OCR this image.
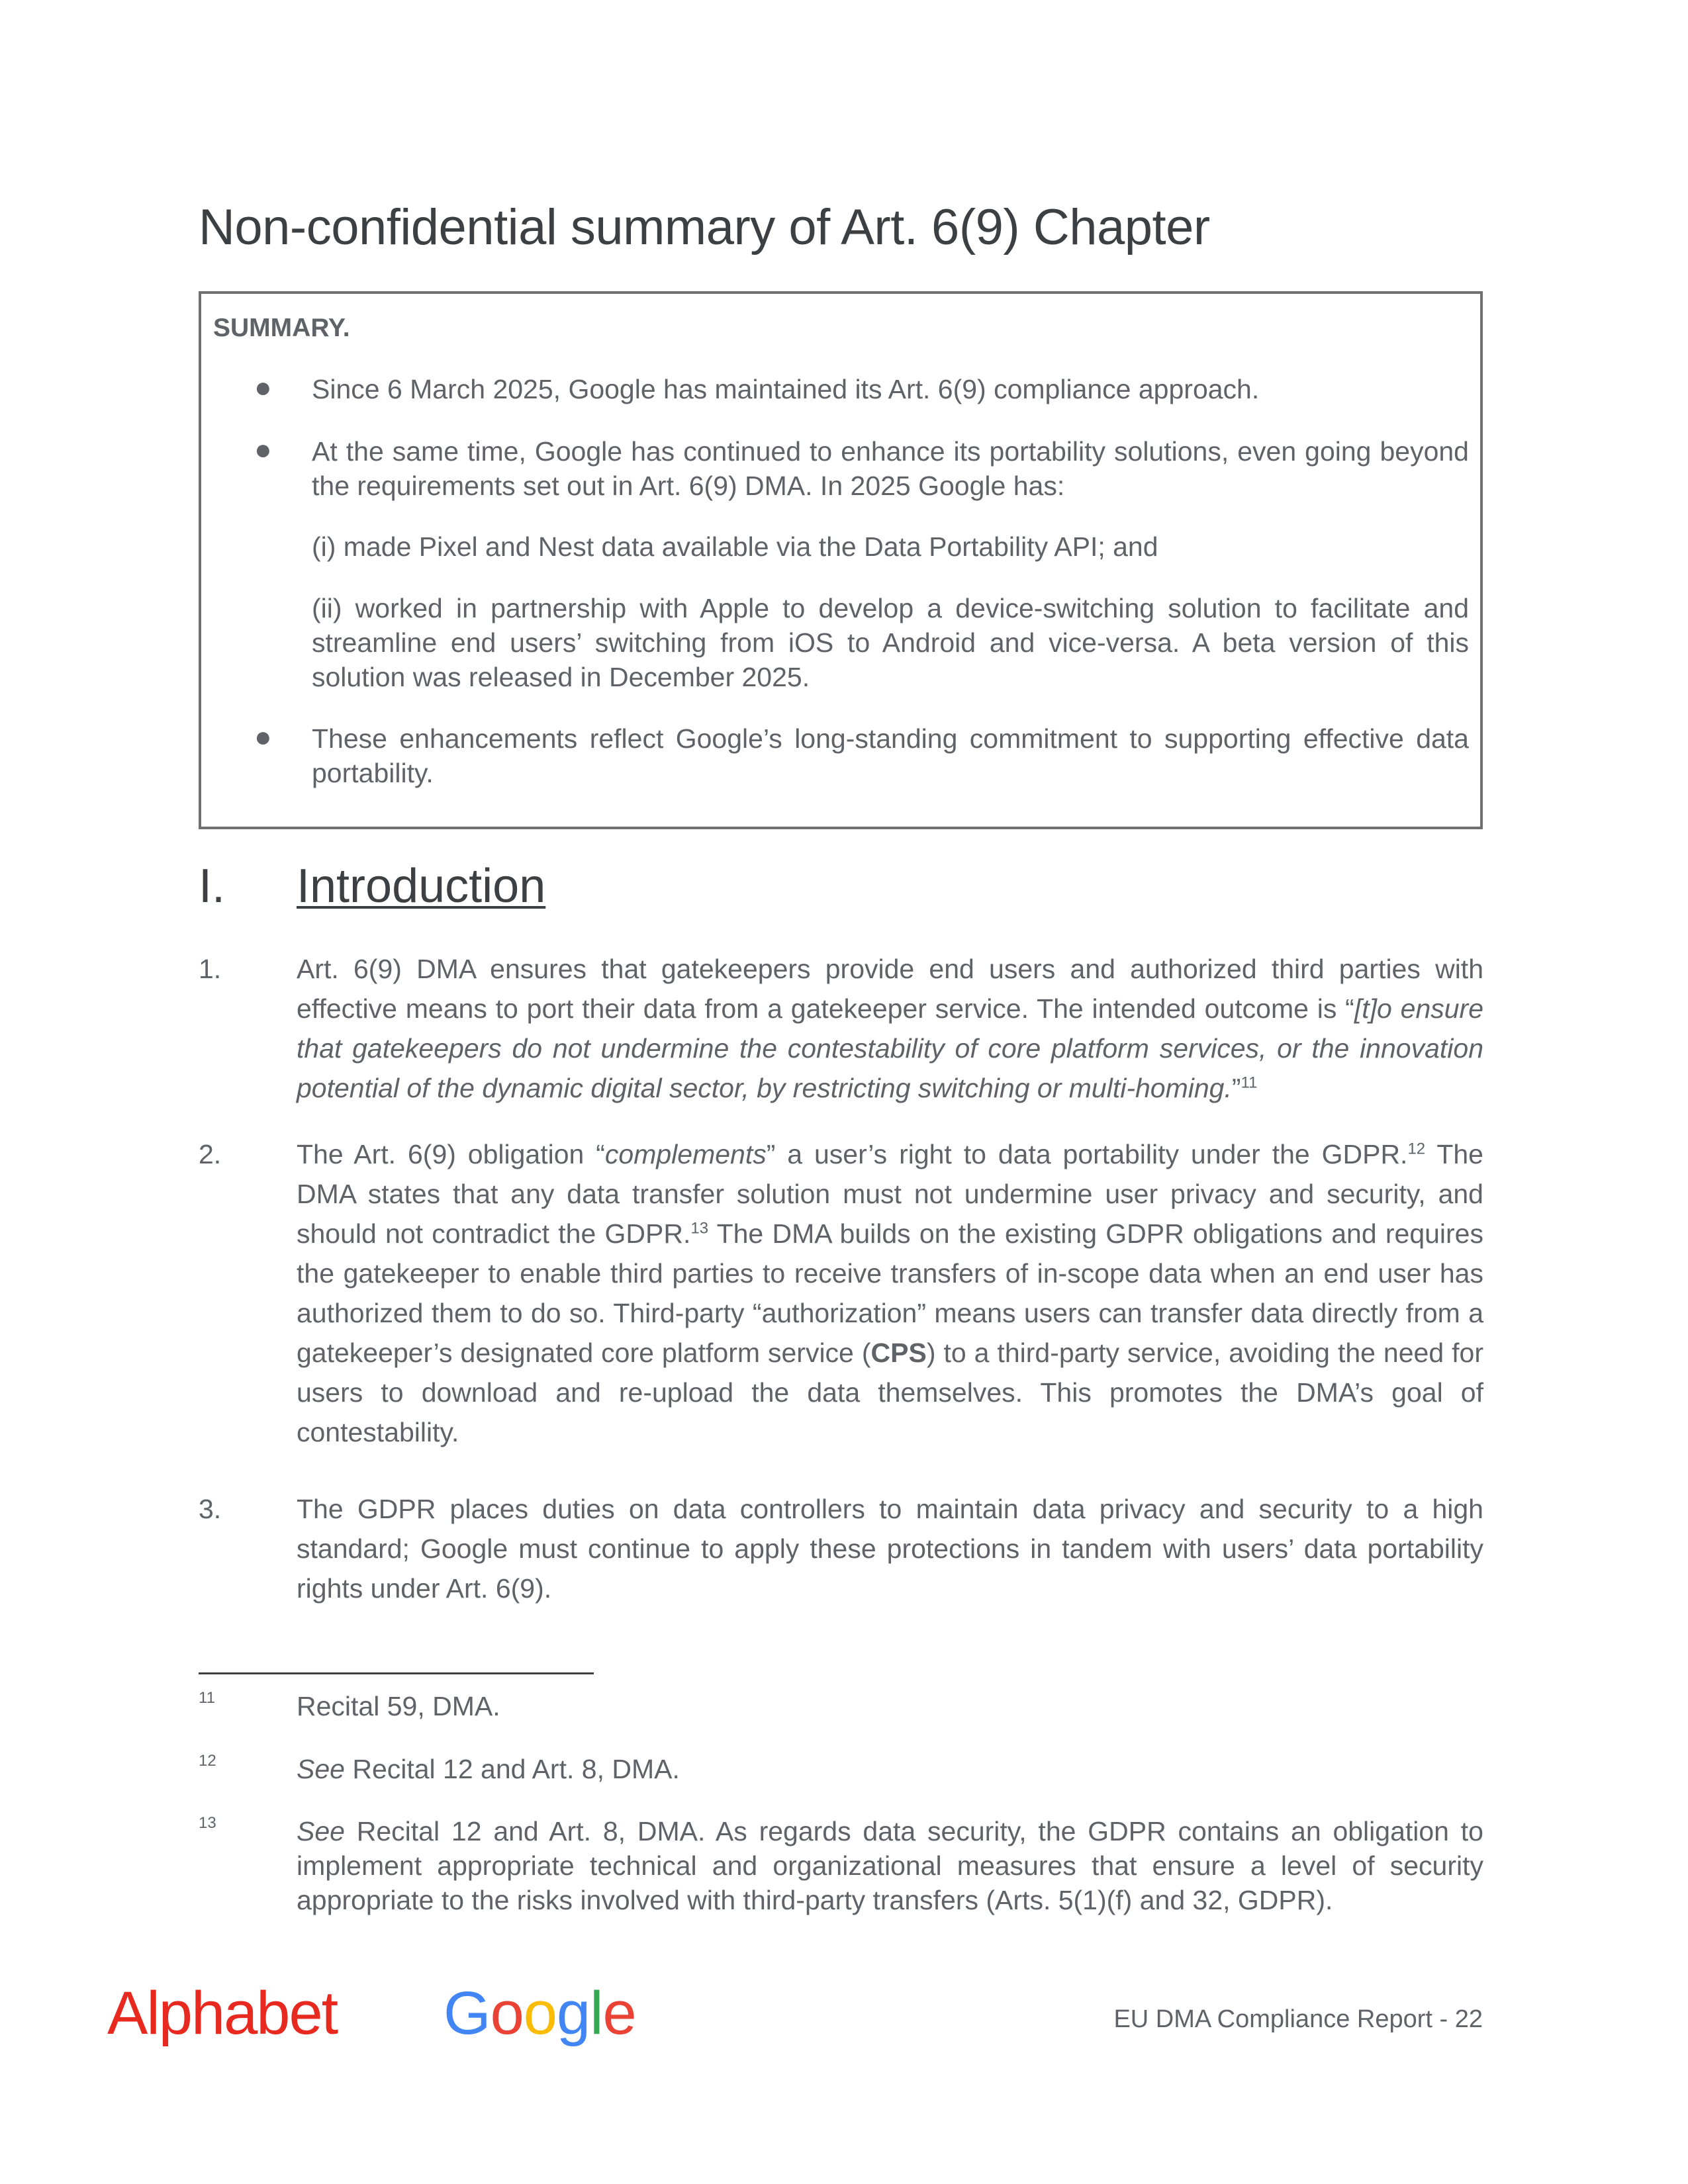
Non-confidential summary of Art. 6(9) Chapter
SUMMARY.
● Since 6 March 2025, Google has maintained its Art. 6(9) compliance approach.
● At the same time, Google has continued to enhance its portability solutions, even going beyond the requirements set out in Art. 6(9) DMA. In 2025 Google has:
(i) made Pixel and Nest data available via the Data Portability API; and
(ii) worked in partnership with Apple to develop a device-switching solution to facilitate and streamline end users’ switching from iOS to Android and vice-versa. A beta version of this solution was released in December 2025.
● These enhancements reflect Google’s long-standing commitment to supporting effective data portability.
I. Introduction
1.	Art. 6(9) DMA ensures that gatekeepers provide end users and authorized third parties with effective means to port their data from a gatekeeper service. The intended outcome is “[t]o ensure that gatekeepers do not undermine the contestability of core platform services, or the innovation potential of the dynamic digital sector, by restricting switching or multi-homing.”$^{11}$

2.	The Art. 6(9) obligation “complements” a user’s right to data portability under the GDPR.$^{12}$ The DMA states that any data transfer solution must not undermine user privacy and security, and should not contradict the GDPR.$^{13}$ The DMA builds on the existing GDPR obligations and requires the gatekeeper to enable third parties to receive transfers of in-scope data when an end user has authorized them to do so. Third-party “authorization” means users can transfer data directly from a gatekeeper’s designated core platform service (CPS) to a third-party service, avoiding the need for users to download and re-upload the data themselves. This promotes the DMA’s goal of contestability.

3.	The GDPR places duties on data controllers to maintain data privacy and security to a high standard; Google must continue to apply these protections in tandem with users’ data portability rights under Art. 6(9).
11	Recital 59, DMA.
12	See Recital 12 and Art. 8, DMA.
13	See Recital 12 and Art. 8, DMA. As regards data security, the GDPR contains an obligation to implement appropriate technical and organizational measures that ensure a level of security appropriate to the risks involved with third-party transfers (Arts. 5(1)(f) and 32, GDPR).
Alphabet Google	EU DMA Compliance Report - 22
